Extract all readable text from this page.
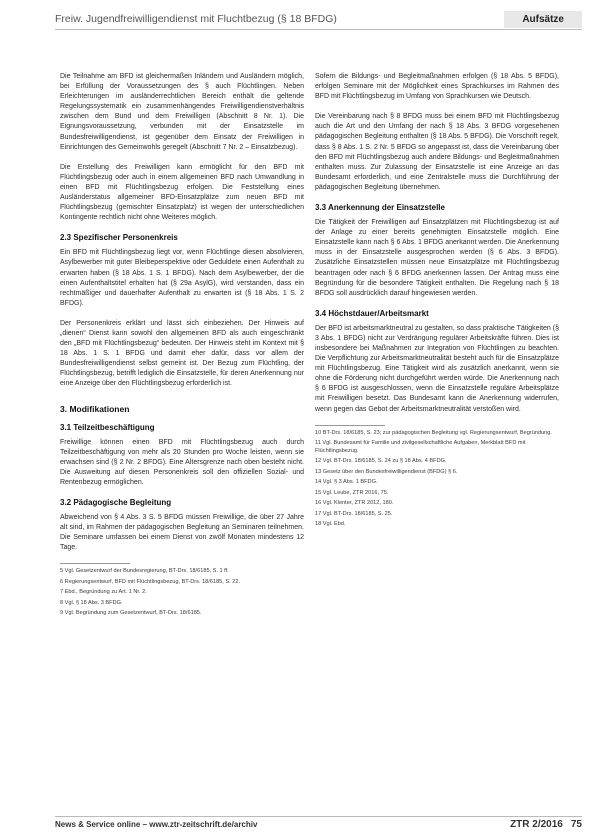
Freiw. Jugendfreiwilligendienst mit Fluchtbezug (§ 18 BFDG)	Aufsätze

Die Teilnahme am BFD ist gleichermaßen Inländern und Ausländern möglich, bei Erfüllung der Voraussetzungen des § auch Flüchtlingen. Neben Erleichterungen im ausländerrechtlichen Bereich enthält die geltende Regelungssystematik ein zusammenhängendes Freiwilligendienstverhältnis zwischen dem Bund und dem Freiwilligen (Abschnitt 8 Nr. 1). Die Eignungsvoraussetzung, verbunden mit der Einsatzstelle im Bundesfreiwilligendienst, ist gegenüber dem Einsatz der Freiwilligen in Einrichtungen des Gemeinwohls geregelt (Abschnitt 7 Nr. 2 – Einsatzbezug).

Die Erstellung des Freiwilligen kann ermöglicht für den BFD mit Flüchtlingsbezug oder auch in einem allgemeinen BFD nach Umwandlung in einen BFD mit Flüchtlingsbezug erfolgen. Die Feststellung eines Ausländerstatus allgemeiner BFD-Einsatzplätze zum neuen BFD mit Flüchtlingsbezug (gemischter Einsatzplatz) ist wegen der unterschiedlichen Kontingente rechtlich nicht ohne Weiteres möglich.

2.3 Spezifischer Personenkreis

Ein BFD mit Flüchtlingsbezug liegt vor, wenn Flüchtlinge diesen absolvieren, Asylbewerber mit guter Bleibeperspektive oder Geduldete einen Aufenthalt zu erwarten haben (§ 18 Abs. 1 S. 1 BFDG). Nach dem Asylbewerber, der die einen Aufenthaltstitel erhalten hat (§ 29a AsylG), wird verstanden, dass ein rechtmäßiger und dauerhafter Aufenthalt zu erwarten ist (§ 18 Abs. 1 S. 2 BFDG).

Der Personenkreis erklärt und lässt sich einbeziehen. Der Hinweis auf „dienen“ Dienst kann sowohl den allgemeinen BFD als auch eingeschränkt den „BFD mit Flüchtlingsbezug“ bedeuten. Der Hinweis steht im Kontext mit § 18 Abs. 1 S. 1 BFDG und damit eher dafür, dass vor allem der Bundesfreiwilligendienst selbst gemeint ist. Der Bezug zum Flüchtling, der Flüchtlingsbezug, betrifft lediglich die Einsatzstelle, für deren Anerkennung nur eine Anzeige über den Flüchtlingsbezug erforderlich ist.

3. Modifikationen
3.1 Teilzeitbeschäftigung

Freiwillige können einen BFD mit Flüchtlingsbezug auch durch Teilzeitbeschäftigung von mehr als 20 Stunden pro Woche leisten, wenn sie erwachsen sind (§ 2 Nr. 2 BFDG). Eine Altersgrenze nach oben besteht nicht. Die Ausweitung auf diesen Personenkreis soll den offiziellen Sozial- und Rentenbezug ermöglichen.

3.2 Pädagogische Begleitung

Abweichend von § 4 Abs. 3 S. 5 BFDG müssen Freiwillige, die über 27 Jahre alt sind, im Rahmen der pädagogischen Begleitung an Seminaren teilnehmen. Die Seminare umfassen bei einem Dienst von zwölf Monaten mindestens 12 Tage.

5 Vgl. Gesetzentwurf der Bundesregierung, BT-Drs. 18/6185, S. 1 ff.

6 Regierungsentwurf, BFD mit Flüchtlingsbezug, BT-Drs. 18/6185, S. 22.

7 Ebd., Begründung zu Art. 1 Nr. 2.

8 Vgl. § 18 Abs. 3 BFDG.

9 Vgl. Begründung zum Gesetzentwurf, BT-Drs. 18/6185.

Sofern die Bildungs- und Begleitmaßnahmen erfolgen (§ 18 Abs. 5 BFDG), erfolgen Seminare mit der Möglichkeit eines Sprachkurses im Rahmen des BFD mit Flüchtlingsbezug im Umfang von Sprachkursen wie Deutsch.

Die Vereinbarung nach § 8 BFDG muss bei einem BFD mit Flüchtlingsbezug auch die Art und den Umfang der nach § 18 Abs. 3 BFDG vorgesehenen pädagogischen Begleitung enthalten (§ 18 Abs. 5 BFDG). Die Vorschrift regelt, dass § 8 Abs. 1 S. 2 Nr. 5 BFDG so angepasst ist, dass die Vereinbarung über den BFD mit Flüchtlingsbezug auch andere Bildungs- und Begleitmaßnahmen enthalten muss. Zur Zulassung der Einsatzstelle ist eine Anzeige an das Bundesamt erforderlich, und eine Zentralstelle muss die Durchführung der pädagogischen Begleitung übernehmen.

3.3 Anerkennung der Einsatzstelle

Die Tätigkeit der Freiwilligen auf Einsatzplätzen mit Flüchtlingsbezug ist auf der Anlage zu einer bereits genehmigten Einsatzstelle möglich. Eine Einsatzstelle kann nach § 6 Abs. 1 BFDG anerkannt werden. Die Anerkennung muss in der Einsatzstelle ausgesprochen werden (§ 6 Abs. 3 BFDG). Zusätzliche Einsatzstellen müssen neue Einsatzplätze mit Flüchtlingsbezug beantragen oder nach § 6 BFDG anerkennen lassen. Der Antrag muss eine Begründung für die besondere Tätigkeit enthalten. Die Regelung nach § 18 BFDG soll ausdrücklich darauf hingewiesen werden.

3.4 Höchstdauer/Arbeitsmarkt

Der BFD ist arbeitsmarktneutral zu gestalten, so dass praktische Tätigkeiten (§ 3 Abs. 1 BFDG) nicht zur Verdrängung regulärer Arbeitskräfte führen. Dies ist insbesondere bei Maßnahmen zur Integration von Flüchtlingen zu beachten. Die Verpflichtung zur Arbeitsmarktneutralität besteht auch für die Einsatzplätze mit Flüchtlingsbezug. Eine Tätigkeit wird als zusätzlich anerkannt, wenn sie ohne die Förderung nicht durchgeführt werden würde. Die Anerkennung nach § 6 BFDG ist ausgeschlossen, wenn die Einsatzstelle reguläre Arbeitsplätze mit Freiwilligen besetzt. Das Bundesamt kann die Anerkennung widerrufen, wenn gegen das Gebot der Arbeitsmarktneutralität verstoßen wird.

10 BT-Drs. 18/6185, S. 23; zur pädagogischen Begleitung vgl. Regierungsentwurf, Begründung.

11 Vgl. Bundesamt für Familie und zivilgesellschaftliche Aufgaben, Merkblatt BFD mit Flüchtlingsbezug.

12 Vgl. BT-Drs. 18/6185, S. 24 zu § 18 Abs. 4 BFDG.

13 Gesetz über den Bundesfreiwilligendienst (BFDG) § 6.

14 Vgl. § 3 Abs. 1 BFDG.

15 Vgl. Leube, ZTR 2016, 75.

16 Vgl. Klenter, ZTR 2012, 180.

17 Vgl. BT-Drs. 18/6185, S. 25.

18 Vgl. Ebd.

News & Service online – www.ztr-zeitschrift.de/archiv	ZTR 2/2016 75
